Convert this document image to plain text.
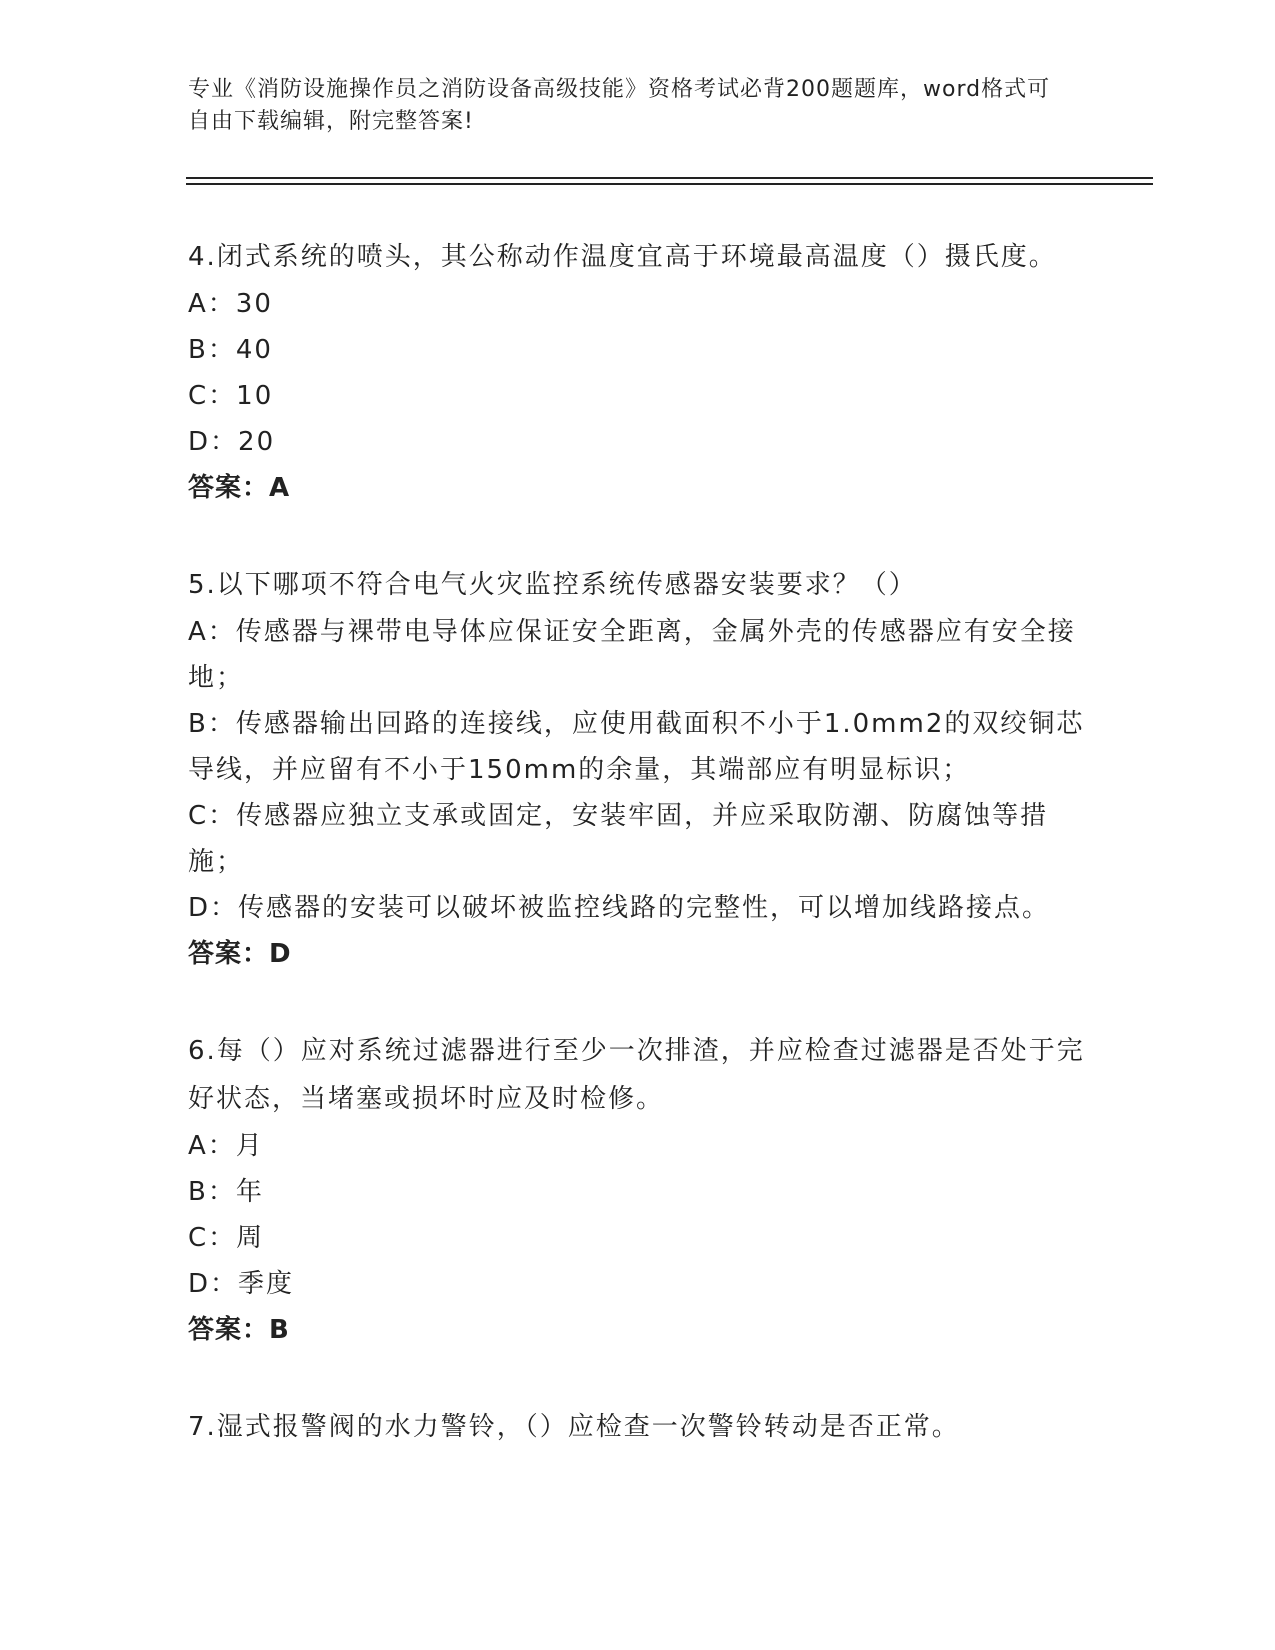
专业《消防设施操作员之消防设备高级技能》资格考试必背200题题库，word格式可自由下载编辑，附完整答案!
4.闭式系统的喷头，其公称动作温度宜高于环境最高温度（）摄氏度。
A：30
B：40
C：10
D：20
答案：A
5.以下哪项不符合电气火灾监控系统传感器安装要求？（）
A：传感器与裸带电导体应保证安全距离，金属外壳的传感器应有安全接地；
B：传感器输出回路的连接线，应使用截面积不小于1.0mm2的双绞铜芯导线，并应留有不小于150mm的余量，其端部应有明显标识；
C：传感器应独立支承或固定，安装牢固，并应采取防潮、防腐蚀等措施；
D：传感器的安装可以破坏被监控线路的完整性，可以增加线路接点。
答案：D
6.每（）应对系统过滤器进行至少一次排渣，并应检查过滤器是否处于完好状态，当堵塞或损坏时应及时检修。
A：月
B：年
C：周
D：季度
答案：B
7.湿式报警阀的水力警铃，（）应检查一次警铃转动是否正常。
